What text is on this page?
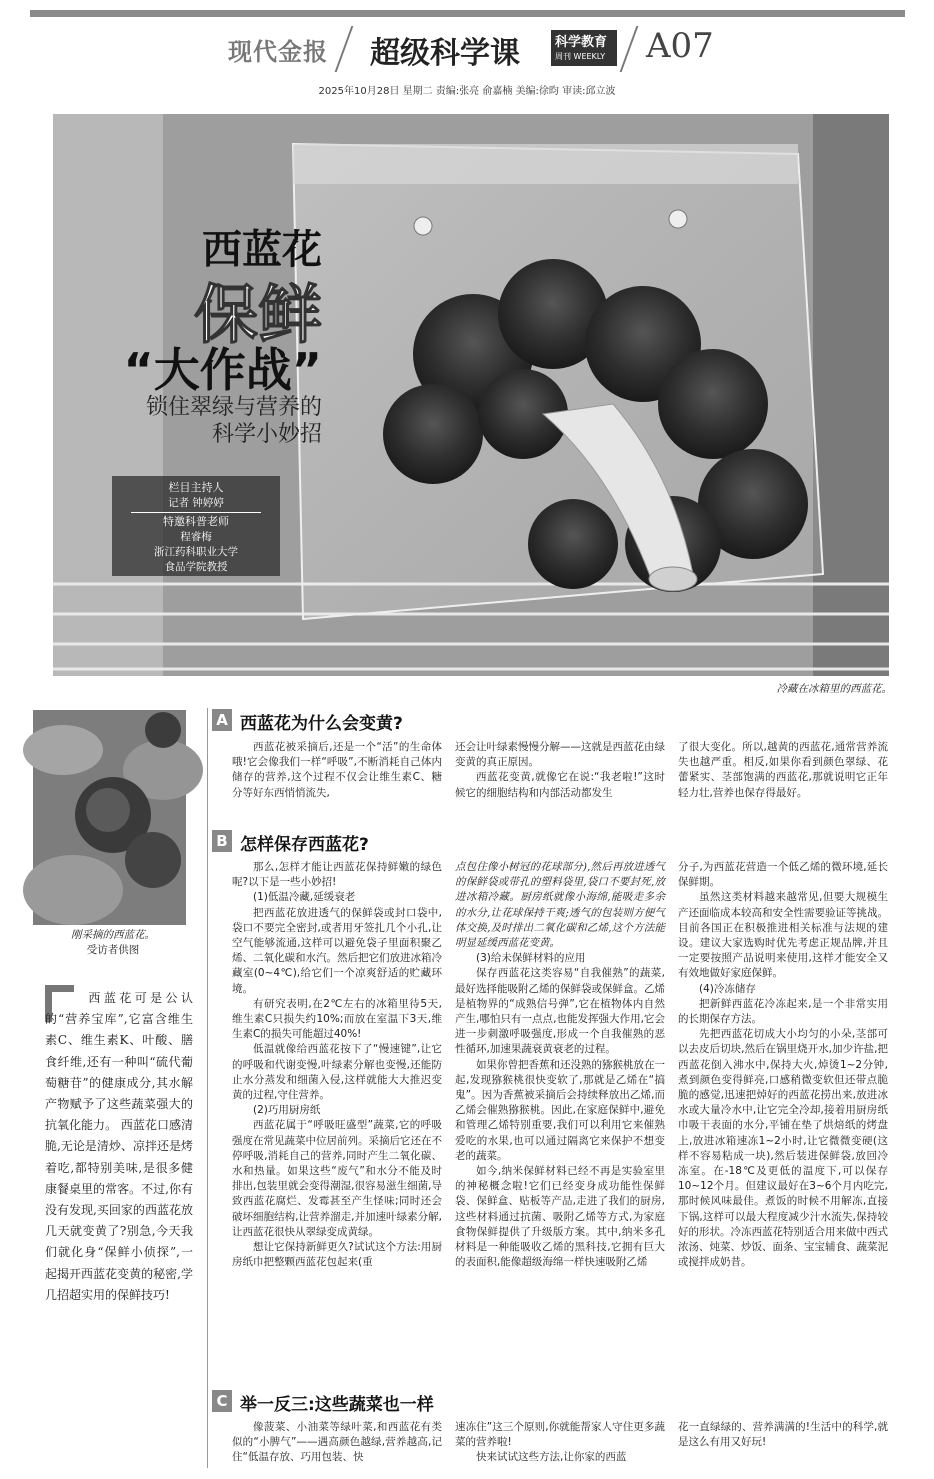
现代金报 超级科学课	科学教育
周刊 WEEKLY A07
2025年10月28日 星期二 责编:张亮 俞嘉楠 美编:徐昀 审读:邱立波
西蓝花
保鲜
“大作战”
锁住翠绿与营养的
科学小妙招
栏目主持人
记者 钟婷婷
特邀科普老师
程睿梅
浙江药科职业大学
食品学院教授
冷藏在冰箱里的西蓝花。
刚采摘的西蓝花。
受访者供图
西蓝花可是公认的“营养宝库”,它富含维生素C、维生素K、叶酸、膳食纤维,还有一种叫“硫代葡萄糖苷”的健康成分,其水解产物赋予了这些蔬菜强大的抗氧化能力。 西蓝花口感清脆,无论是清炒、凉拌还是烤着吃,都特别美味,是很多健康餐桌里的常客。不过,你有没有发现,买回家的西蓝花放几天就变黄了?别急,今天我们就化身“保鲜小侦探”,一起揭开西蓝花变黄的秘密,学几招超实用的保鲜技巧!
A 西蓝花为什么会变黄?

西蓝花被采摘后,还是一个“活”的生命体哦!它会像我们一样“呼吸”,不断消耗自己体内储存的营养,这个过程不仅会让维生素C、糖分等好东西悄悄流失,

还会让叶绿素慢慢分解——这就是西蓝花由绿变黄的真正原因。

西蓝花变黄,就像它在说:“我老啦!”这时候它的细胞结构和内部活动都发生

了很大变化。所以,越黄的西蓝花,通常营养流失也越严重。相反,如果你看到颜色翠绿、花蕾紧实、茎部饱满的西蓝花,那就说明它正年轻力壮,营养也保存得最好。

B 怎样保存西蓝花?

那么,怎样才能让西蓝花保持鲜嫩的绿色呢?以下是一些小妙招!

(1)低温冷藏,延缓衰老

把西蓝花放进透气的保鲜袋或封口袋中,袋口不要完全密封,或者用牙签扎几个小孔,让空气能够流通,这样可以避免袋子里面积聚乙烯、二氧化碳和水汽。然后把它们放进冰箱冷藏室(0~4℃),给它们一个凉爽舒适的贮藏环境。

有研究表明,在2℃左右的冰箱里待5天,维生素C只损失约10%;而放在室温下3天,维生素C的损失可能超过40%!

低温就像给西蓝花按下了“慢速键”,让它的呼吸和代谢变慢,叶绿素分解也变慢,还能防止水分蒸发和细菌入侵,这样就能大大推迟变黄的过程,守住营养。

(2)巧用厨房纸

西蓝花属于“呼吸旺盛型”蔬菜,它的呼吸强度在常见蔬菜中位居前列。采摘后它还在不停呼吸,消耗自己的营养,同时产生二氧化碳、水和热量。如果这些“废气”和水分不能及时排出,包装里就会变得潮湿,很容易滋生细菌,导致西蓝花腐烂、发霉甚至产生怪味;同时还会破坏细胞结构,让营养溜走,并加速叶绿素分解,让西蓝花很快从翠绿变成黄绿。

想让它保持新鲜更久?试试这个方法:用厨房纸巾把整颗西蓝花包起来(重

点包住像小树冠的花球部分),然后再放进透气的保鲜袋或带孔的塑料袋里,袋口不要封死,放进冰箱冷藏。厨房纸就像小海绵,能吸走多余的水分,让花球保持干爽;透气的包装则方便气体交换,及时排出二氧化碳和乙烯,这个方法能明显延缓西蓝花变黄。

(3)给未保鲜材料的应用

保存西蓝花这类容易“自我催熟”的蔬菜,最好选择能吸附乙烯的保鲜袋或保鲜盒。乙烯是植物界的“成熟信号弹”,它在植物体内自然产生,哪怕只有一点点,也能发挥强大作用,它会进一步刺激呼吸强度,形成一个自我催熟的恶性循环,加速果蔬衰黄衰老的过程。

如果你曾把香蕉和还没熟的猕猴桃放在一起,发现猕猴桃很快变软了,那就是乙烯在“搞鬼”。因为香蕉被采摘后会持续释放出乙烯,而乙烯会催熟猕猴桃。因此,在家庭保鲜中,避免和管理乙烯特别重要,我们可以利用它来催熟爱吃的水果,也可以通过隔离它来保护不想变老的蔬菜。

如今,纳米保鲜材料已经不再是实验室里的神秘概念啦!它们已经变身成功能性保鲜袋、保鲜盒、贴板等产品,走进了我们的厨房,这些材料通过抗菌、吸附乙烯等方式,为家庭食物保鲜提供了升级版方案。其中,纳米多孔材料是一种能吸收乙烯的黑科技,它拥有巨大的表面积,能像超级海绵一样快速吸附乙烯

分子,为西蓝花营造一个低乙烯的微环境,延长保鲜期。

虽然这类材料越来越常见,但要大规模生产还面临成本较高和安全性需要验证等挑战。目前各国正在积极推进相关标准与法规的建设。建议大家选购时优先考虑正规品牌,并且一定要按照产品说明来使用,这样才能安全又有效地做好家庭保鲜。

(4)冷冻储存

把新鲜西蓝花冷冻起来,是一个非常实用的长期保存方法。

先把西蓝花切成大小均匀的小朵,茎部可以去皮后切块,然后在锅里烧开水,加少许盐,把西蓝花倒入沸水中,保持大火,焯烫1~2分钟,煮到颜色变得鲜亮,口感稍微变软但还带点脆脆的感觉,迅速把焯好的西蓝花捞出来,放进冰水或大量冷水中,让它完全冷却,接着用厨房纸巾吸干表面的水分,平铺在垫了烘焙纸的烤盘上,放进冰箱速冻1~2小时,让它微微变硬(这样不容易粘成一块),然后装进保鲜袋,放回冷冻室。在-18℃及更低的温度下,可以保存10~12个月。但建议最好在3~6个月内吃完,那时候风味最佳。煮饭的时候不用解冻,直接下锅,这样可以最大程度减少汁水流失,保持较好的形状。冷冻西蓝花特别适合用来做中西式浓汤、炖菜、炒饭、面条、宝宝辅食、蔬菜泥或搅拌成奶昔。

C 举一反三:这些蔬菜也一样

像菠菜、小油菜等绿叶菜,和西蓝花有类似的“小脾气”——遇高颜色越绿,营养越高,记住“低温存放、巧用包装、快

速冻住”这三个原则,你就能帮家人守住更多蔬菜的营养啦!

快来试试这些方法,让你家的西蓝

花一直绿绿的、营养满满的!生活中的科学,就是这么有用又好玩!
